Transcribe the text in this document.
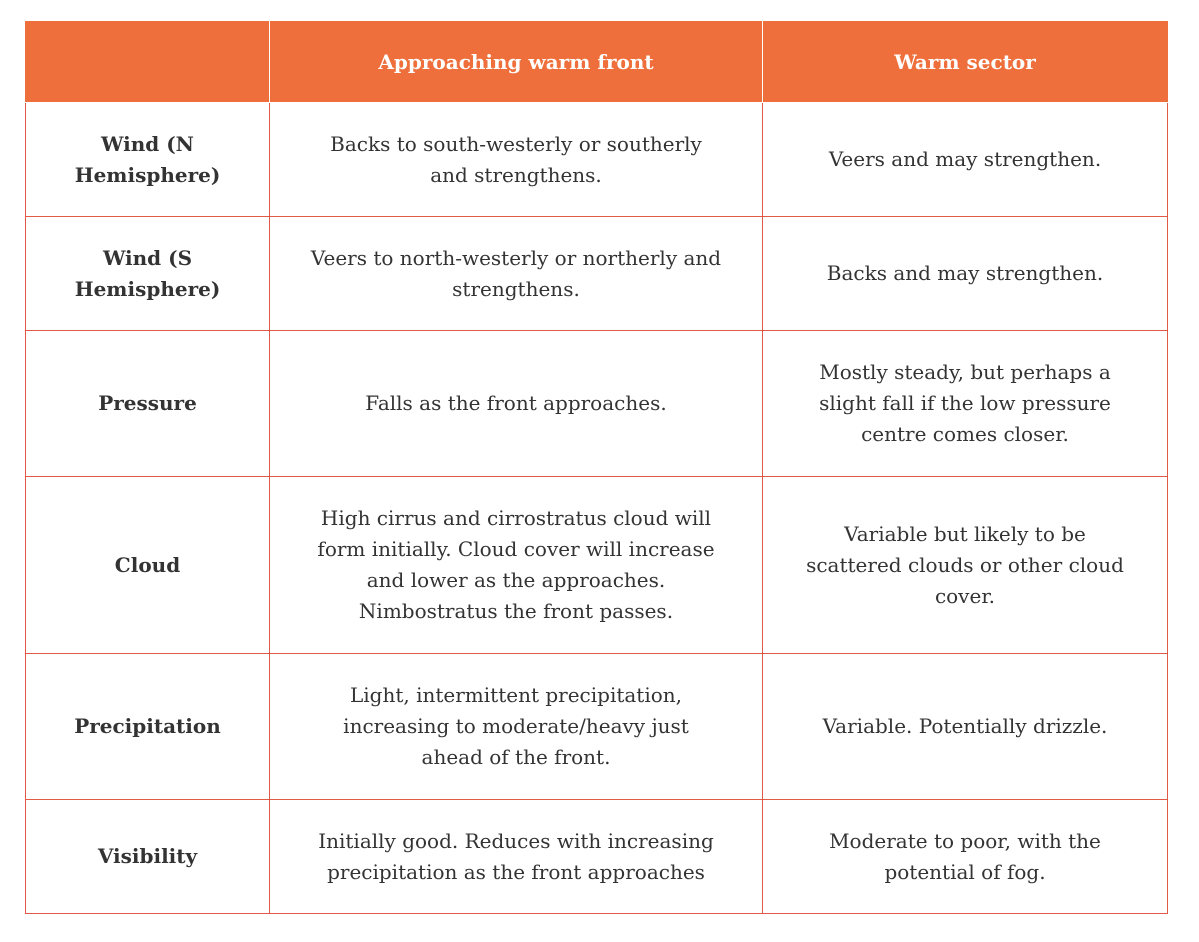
	Approaching warm front	Warm sector
Wind (N Hemisphere)	Backs to south-westerly or southerly and strengthens.	Veers and may strengthen.
Wind (S Hemisphere)	Veers to north-westerly or northerly and strengthens.	Backs and may strengthen.
Pressure	Falls as the front approaches.	Mostly steady, but perhaps a slight fall if the low pressure centre comes closer.
Cloud	High cirrus and cirrostratus cloud will form initially. Cloud cover will increase and lower as the approaches. Nimbostratus the front passes.	Variable but likely to be scattered clouds or other cloud cover.
Precipitation	Light, intermittent precipitation, increasing to moderate/heavy just ahead of the front.	Variable. Potentially drizzle.
Visibility	Initially good. Reduces with increasing precipitation as the front approaches	Moderate to poor, with the potential of fog.
